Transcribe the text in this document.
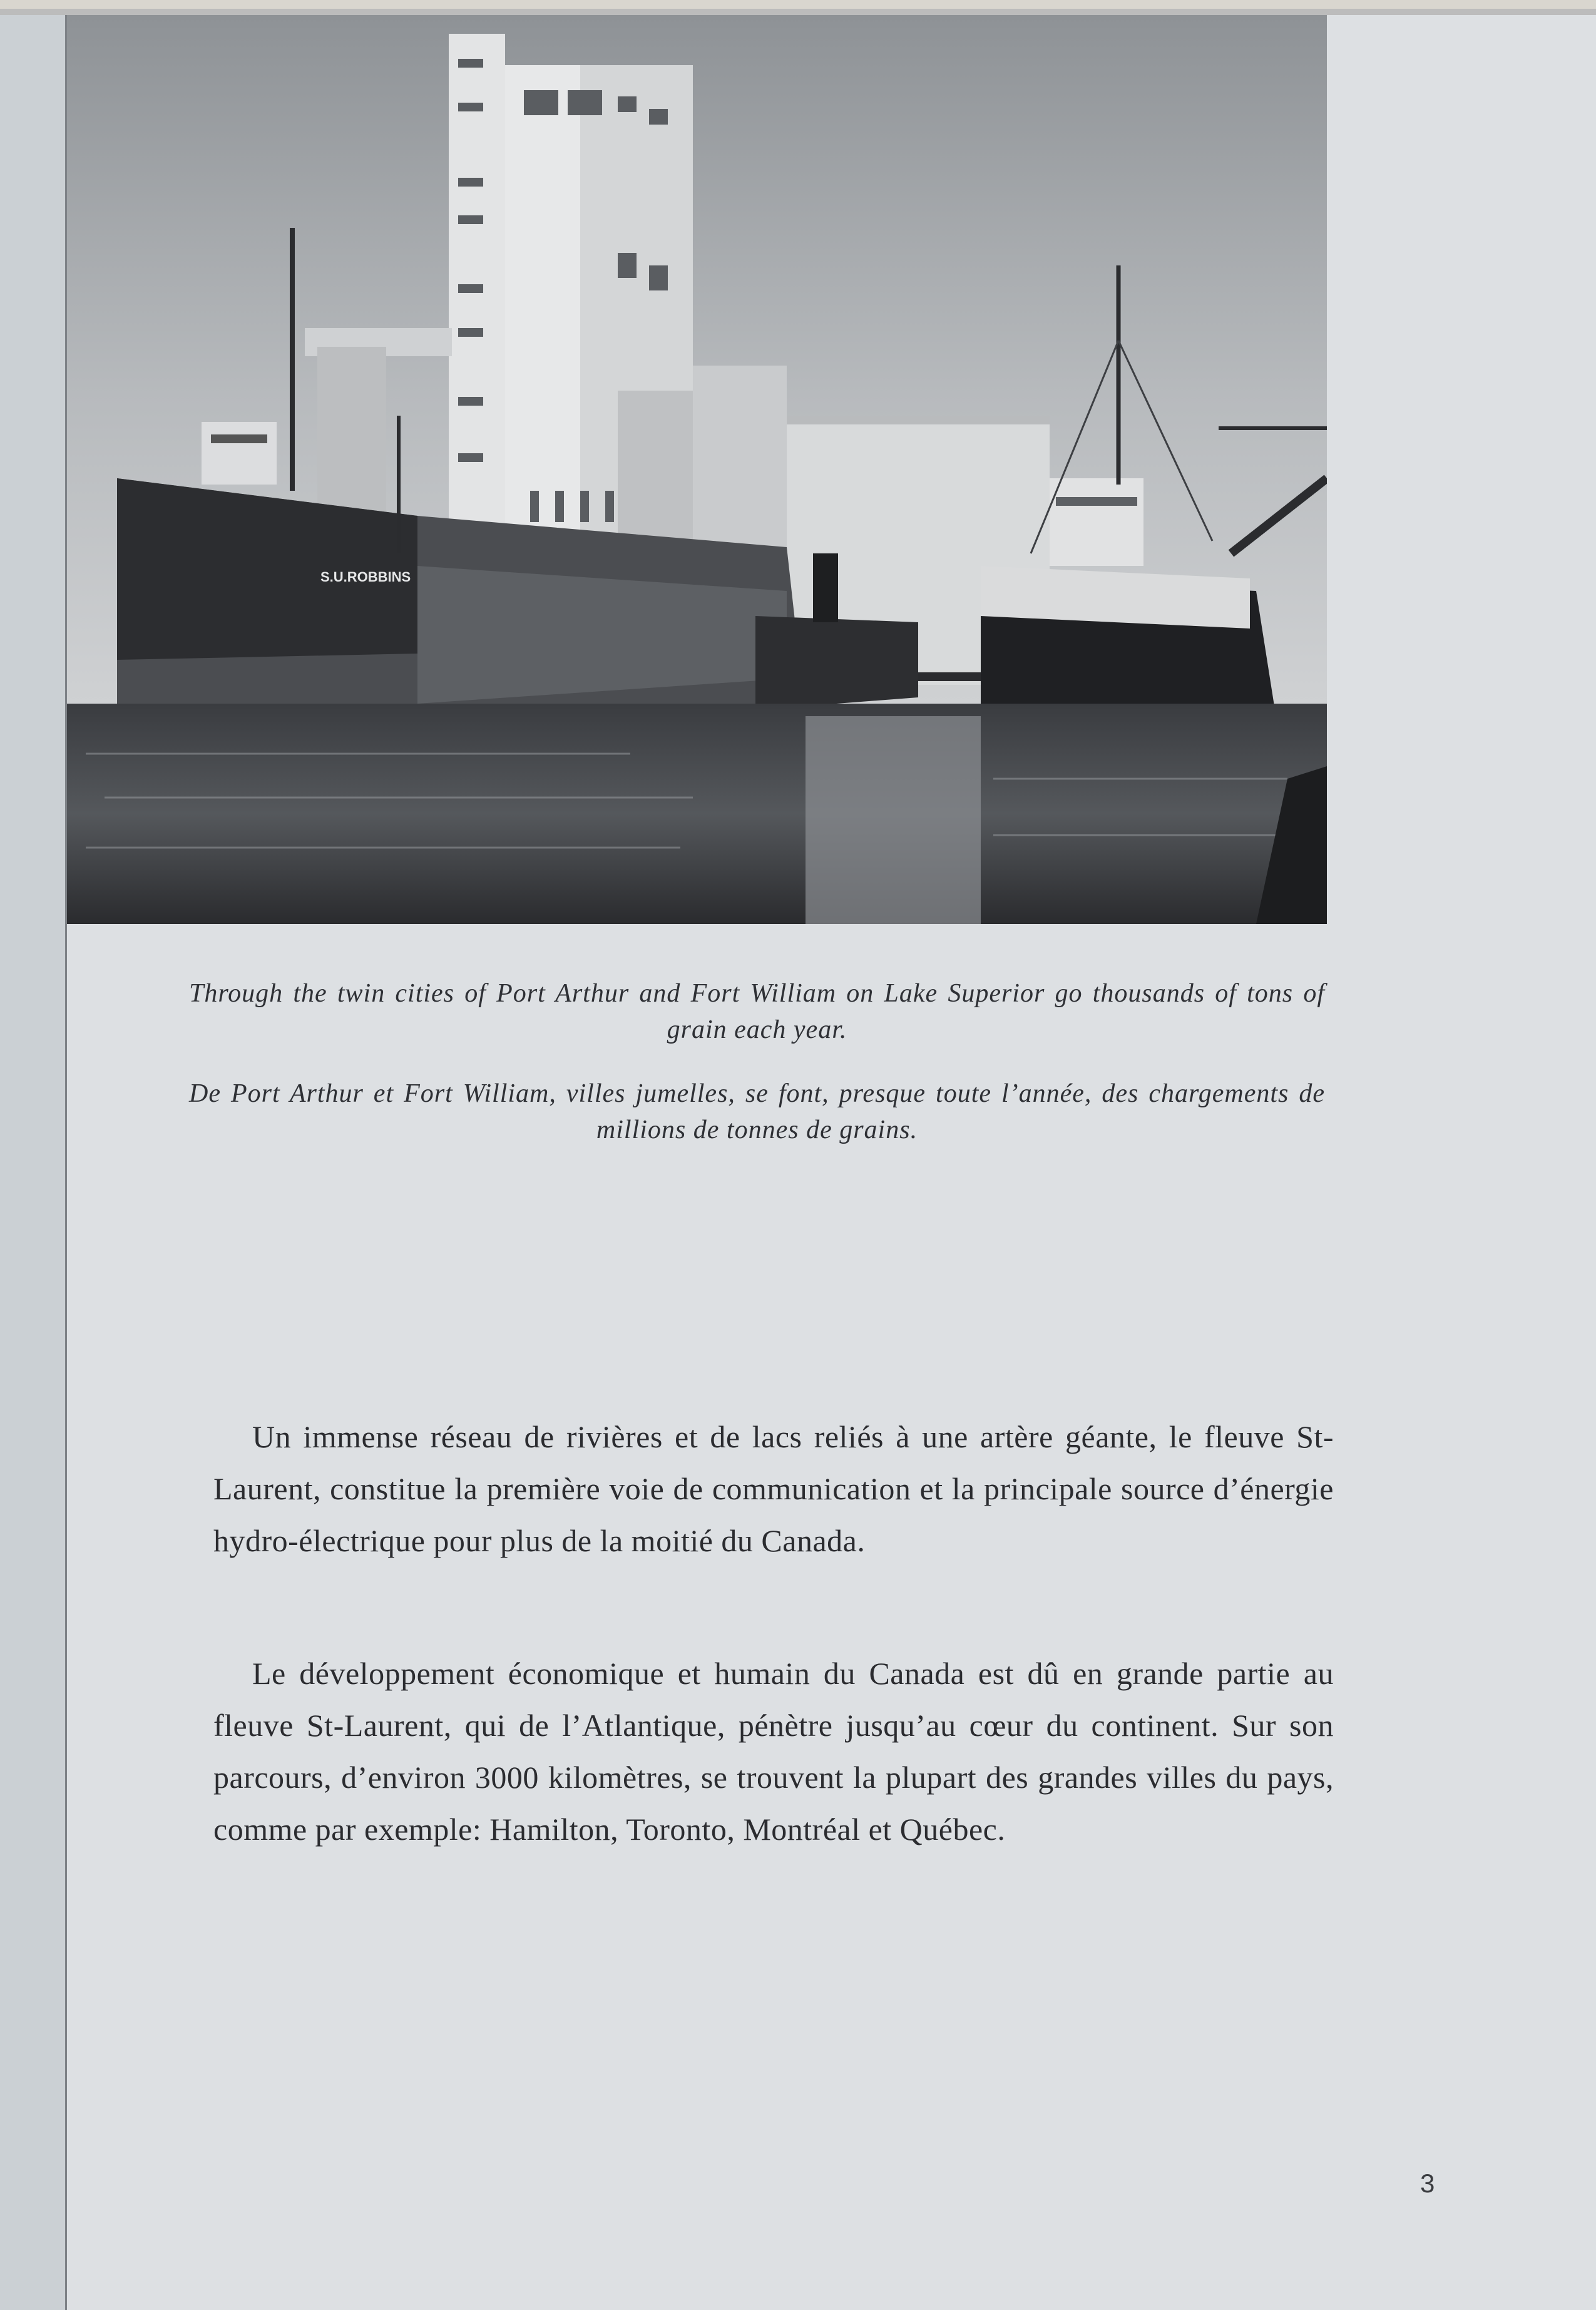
S.U.ROBBINS

Through the twin cities of Port Arthur and Fort William on Lake Superior go thousands of tons of grain each year.

De Port Arthur et Fort William, villes jumelles, se font, presque toute l’année, des chargements de millions de tonnes de grains.

Un immense réseau de rivières et de lacs reliés à une artère géante, le fleuve St-Laurent, constitue la première voie de communication et la principale source d’énergie hydro-électrique pour plus de la moitié du Canada.

Le développement économique et humain du Canada est dû en grande partie au fleuve St-Laurent, qui de l’Atlantique, pénètre jusqu’au cœur du continent. Sur son parcours, d’environ 3000 kilomètres, se trouvent la plupart des grandes villes du pays, comme par exemple: Hamilton, Toronto, Montréal et Québec.

3
